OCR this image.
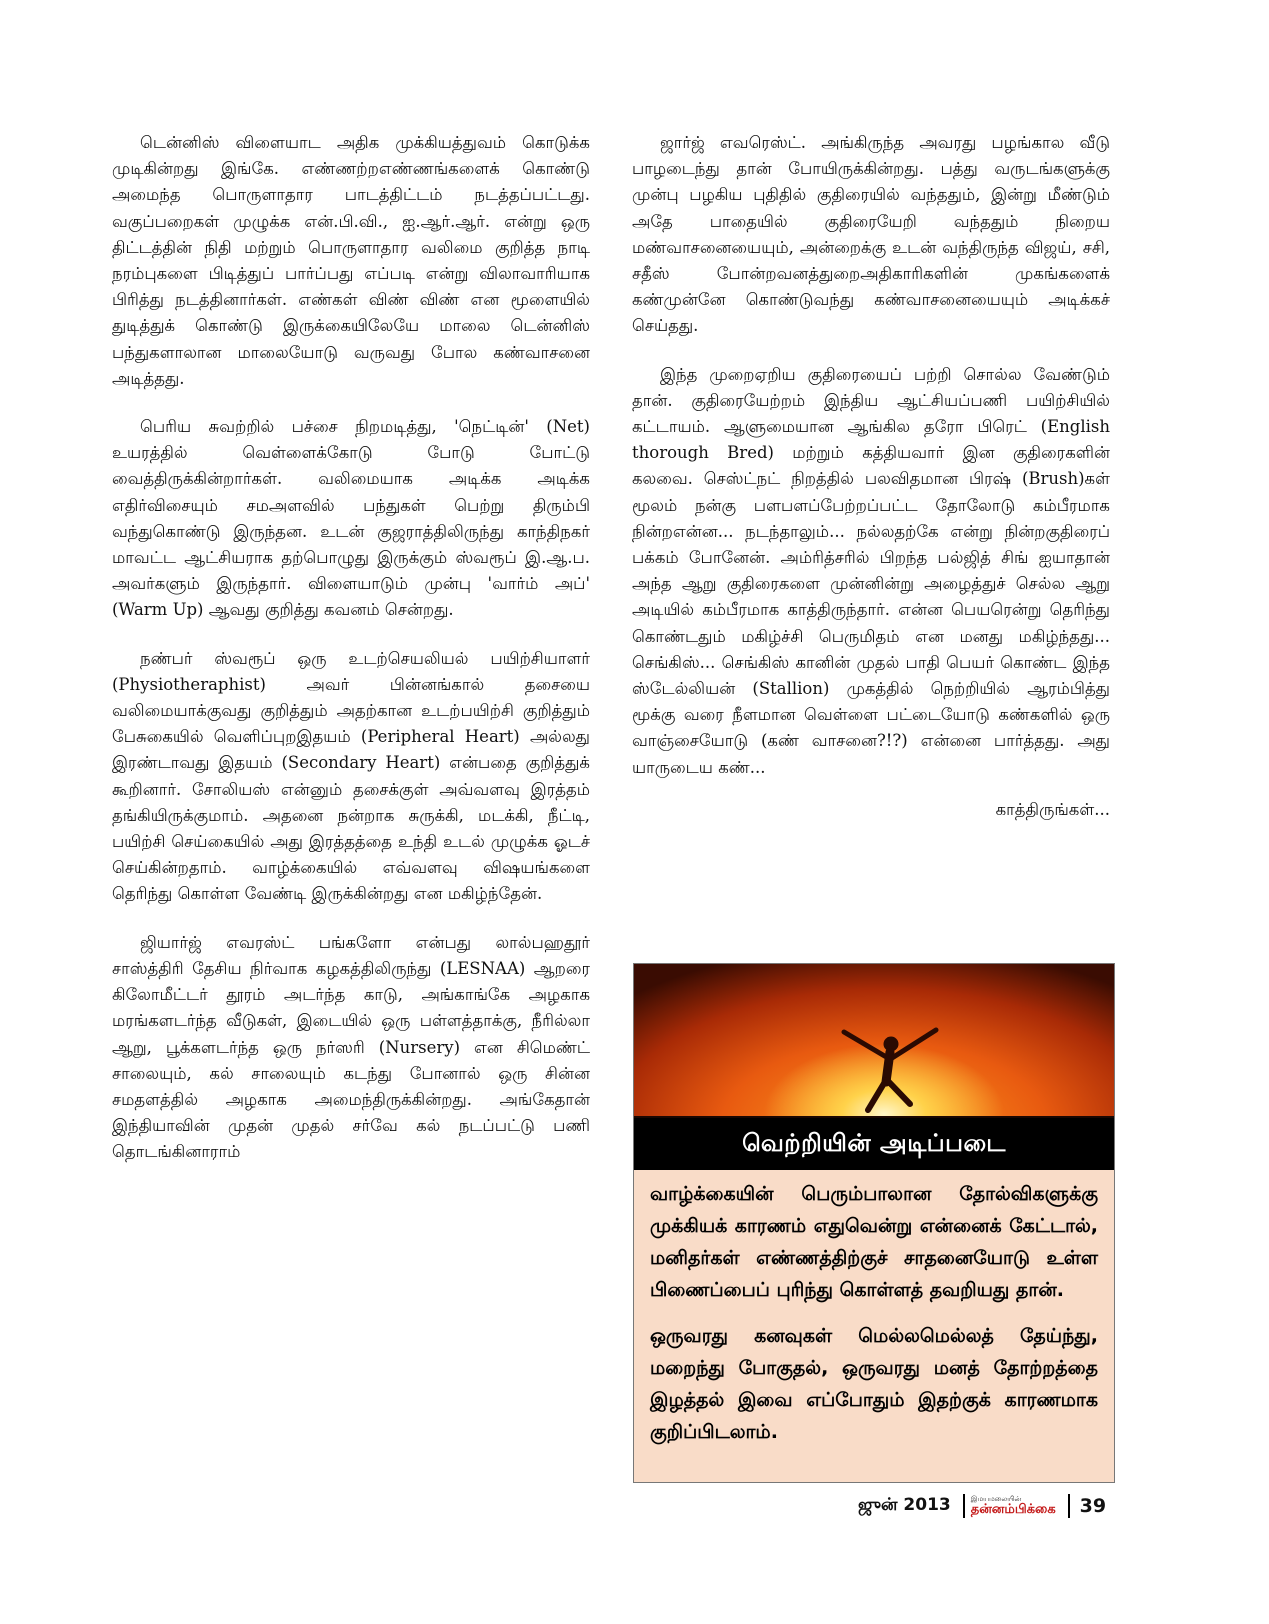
டென்னிஸ் விளையாட அதிக முக்கியத்துவம் கொடுக்க முடிகின்றது இங்கே. எண்ணற்றஎண்ணங்களைக் கொண்டு அமைந்த பொருளாதார பாடத்திட்டம் நடத்தப்பட்டது. வகுப்பறைகள் முழுக்க என்.பி.வி., ஐ.ஆர்.ஆர். என்று ஒரு திட்டத்தின் நிதி மற்றும் பொருளாதார வலிமை குறித்த நாடி நரம்புகளை பிடித்துப் பார்ப்பது எப்படி என்று விலாவாரியாக பிரித்து நடத்தினார்கள். எண்கள் விண் விண் என மூளையில் துடித்துக் கொண்டு இருக்கையிலேயே மாலை டென்னிஸ் பந்துகளாலான மாலையோடு வருவது போல கண்வாசனை அடித்தது.

பெரிய சுவற்றில் பச்சை நிறமடித்து, 'நெட்டின்' (Net) உயரத்தில் வெள்ளைக்கோடு போடு போட்டு வைத்திருக்கின்றார்கள். வலிமையாக அடிக்க அடிக்க எதிர்விசையும் சமஅளவில் பந்துகள் பெற்று திரும்பி வந்துகொண்டு இருந்தன. உடன் குஜராத்திலிருந்து காந்திநகர் மாவட்ட ஆட்சியராக தற்பொழுது இருக்கும் ஸ்வரூப் இ.ஆ.ப. அவர்களும் இருந்தார். விளையாடும் முன்பு 'வார்ம் அப்' (Warm Up) ஆவது குறித்து கவனம் சென்றது.

நண்பர் ஸ்வரூப் ஒரு உடற்செயலியல் பயிற்சியாளர் (Physiotheraphist) அவர் பின்னங்கால் தசையை வலிமையாக்குவது குறித்தும் அதற்கான உடற்பயிற்சி குறித்தும் பேசுகையில் வெளிப்புறஇதயம் (Peripheral Heart) அல்லது இரண்டாவது இதயம் (Secondary Heart) என்பதை குறித்துக் கூறினார். சோலியஸ் என்னும் தசைக்குள் அவ்வளவு இரத்தம் தங்கியிருக்குமாம். அதனை நன்றாக சுருக்கி, மடக்கி, நீட்டி, பயிற்சி செய்கையில் அது இரத்தத்தை உந்தி உடல் முழுக்க ஓடச் செய்கின்றதாம். வாழ்க்கையில் எவ்வளவு விஷயங்களை தெரிந்து கொள்ள வேண்டி இருக்கின்றது என மகிழ்ந்தேன்.

ஜியார்ஜ் எவரஸ்ட் பங்களோ என்பது லால்பஹதூர் சாஸ்த்திரி தேசிய நிர்வாக கழகத்திலிருந்து (LESNAA) ஆறரை கிலோமீட்டர் தூரம் அடர்ந்த காடு, அங்காங்கே அழகாக மரங்களடர்ந்த வீடுகள், இடையில் ஒரு பள்ளத்தாக்கு, நீரில்லா ஆறு, பூக்களடர்ந்த ஒரு நர்ஸரி (Nursery) என சிமெண்ட் சாலையும், கல் சாலையும் கடந்து போனால் ஒரு சின்ன சமதளத்தில் அழகாக அமைந்திருக்கின்றது. அங்கேதான் இந்தியாவின் முதன் முதல் சர்வே கல் நடப்பட்டு பணி தொடங்கினாராம்

ஜார்ஜ் எவரெஸ்ட். அங்கிருந்த அவரது பழங்கால வீடு பாழடைந்து தான் போயிருக்கின்றது. பத்து வருடங்களுக்கு முன்பு பழகிய புதிதில் குதிரையில் வந்ததும், இன்று மீண்டும் அதே பாதையில் குதிரையேறி வந்ததும் நிறைய மண்வாசனையையும், அன்றைக்கு உடன் வந்திருந்த விஜய், சசி, சதீஸ் போன்றவனத்துறைஅதிகாரிகளின் முகங்களைக் கண்முன்னே கொண்டுவந்து கண்வாசனையையும் அடிக்கச் செய்தது.

இந்த முறைஏறிய குதிரையைப் பற்றி சொல்ல வேண்டும் தான். குதிரையேற்றம் இந்திய ஆட்சியப்பணி பயிற்சியில் கட்டாயம். ஆளுமையான ஆங்கில தரோ பிரெட் (English thorough Bred) மற்றும் கத்தியவார் இன குதிரைகளின் கலவை. செஸ்ட்நட் நிறத்தில் பலவிதமான பிரஷ் (Brush)கள் மூலம் நன்கு பளபளப்பேற்றப்பட்ட தோலோடு கம்பீரமாக நின்றஎன்ன... நடந்தாலும்... நல்லதற்கே என்று நின்றகுதிரைப் பக்கம் போனேன். அம்ரித்சரில் பிறந்த பல்ஜித் சிங் ஐயாதான் அந்த ஆறு குதிரைகளை முன்னின்று அழைத்துச் செல்ல ஆறு அடியில் கம்பீரமாக காத்திருந்தார். என்ன பெயரென்று தெரிந்து கொண்டதும் மகிழ்ச்சி பெருமிதம் என மனது மகிழ்ந்தது... செங்கிஸ்... செங்கிஸ் கானின் முதல் பாதி பெயர் கொண்ட இந்த ஸ்டேல்லியன் (Stallion) முகத்தில் நெற்றியில் ஆரம்பித்து மூக்கு வரை நீளமான வெள்ளை பட்டையோடு கண்களில் ஒரு வாஞ்சையோடு (கண் வாசனை?!?) என்னை பார்த்தது. அது யாருடைய கண்...

காத்திருங்கள்...

வெற்றியின் அடிப்படை

வாழ்க்கையின் பெரும்பாலான தோல்விகளுக்கு முக்கியக் காரணம் எதுவென்று என்னைக் கேட்டால், மனிதர்கள் எண்ணத்திற்குச் சாதனையோடு உள்ள பிணைப்பைப் புரிந்து கொள்ளத் தவறியது தான்.

ஒருவரது கனவுகள் மெல்லமெல்லத் தேய்ந்து, மறைந்து போகுதல், ஒருவரது மனத் தோற்றத்தை இழத்தல் இவை எப்போதும் இதற்குக் காரணமாக குறிப்பிடலாம்.

ஜுன் 2013	இமயமலையின்
தன்னம்பிக்கை 39
